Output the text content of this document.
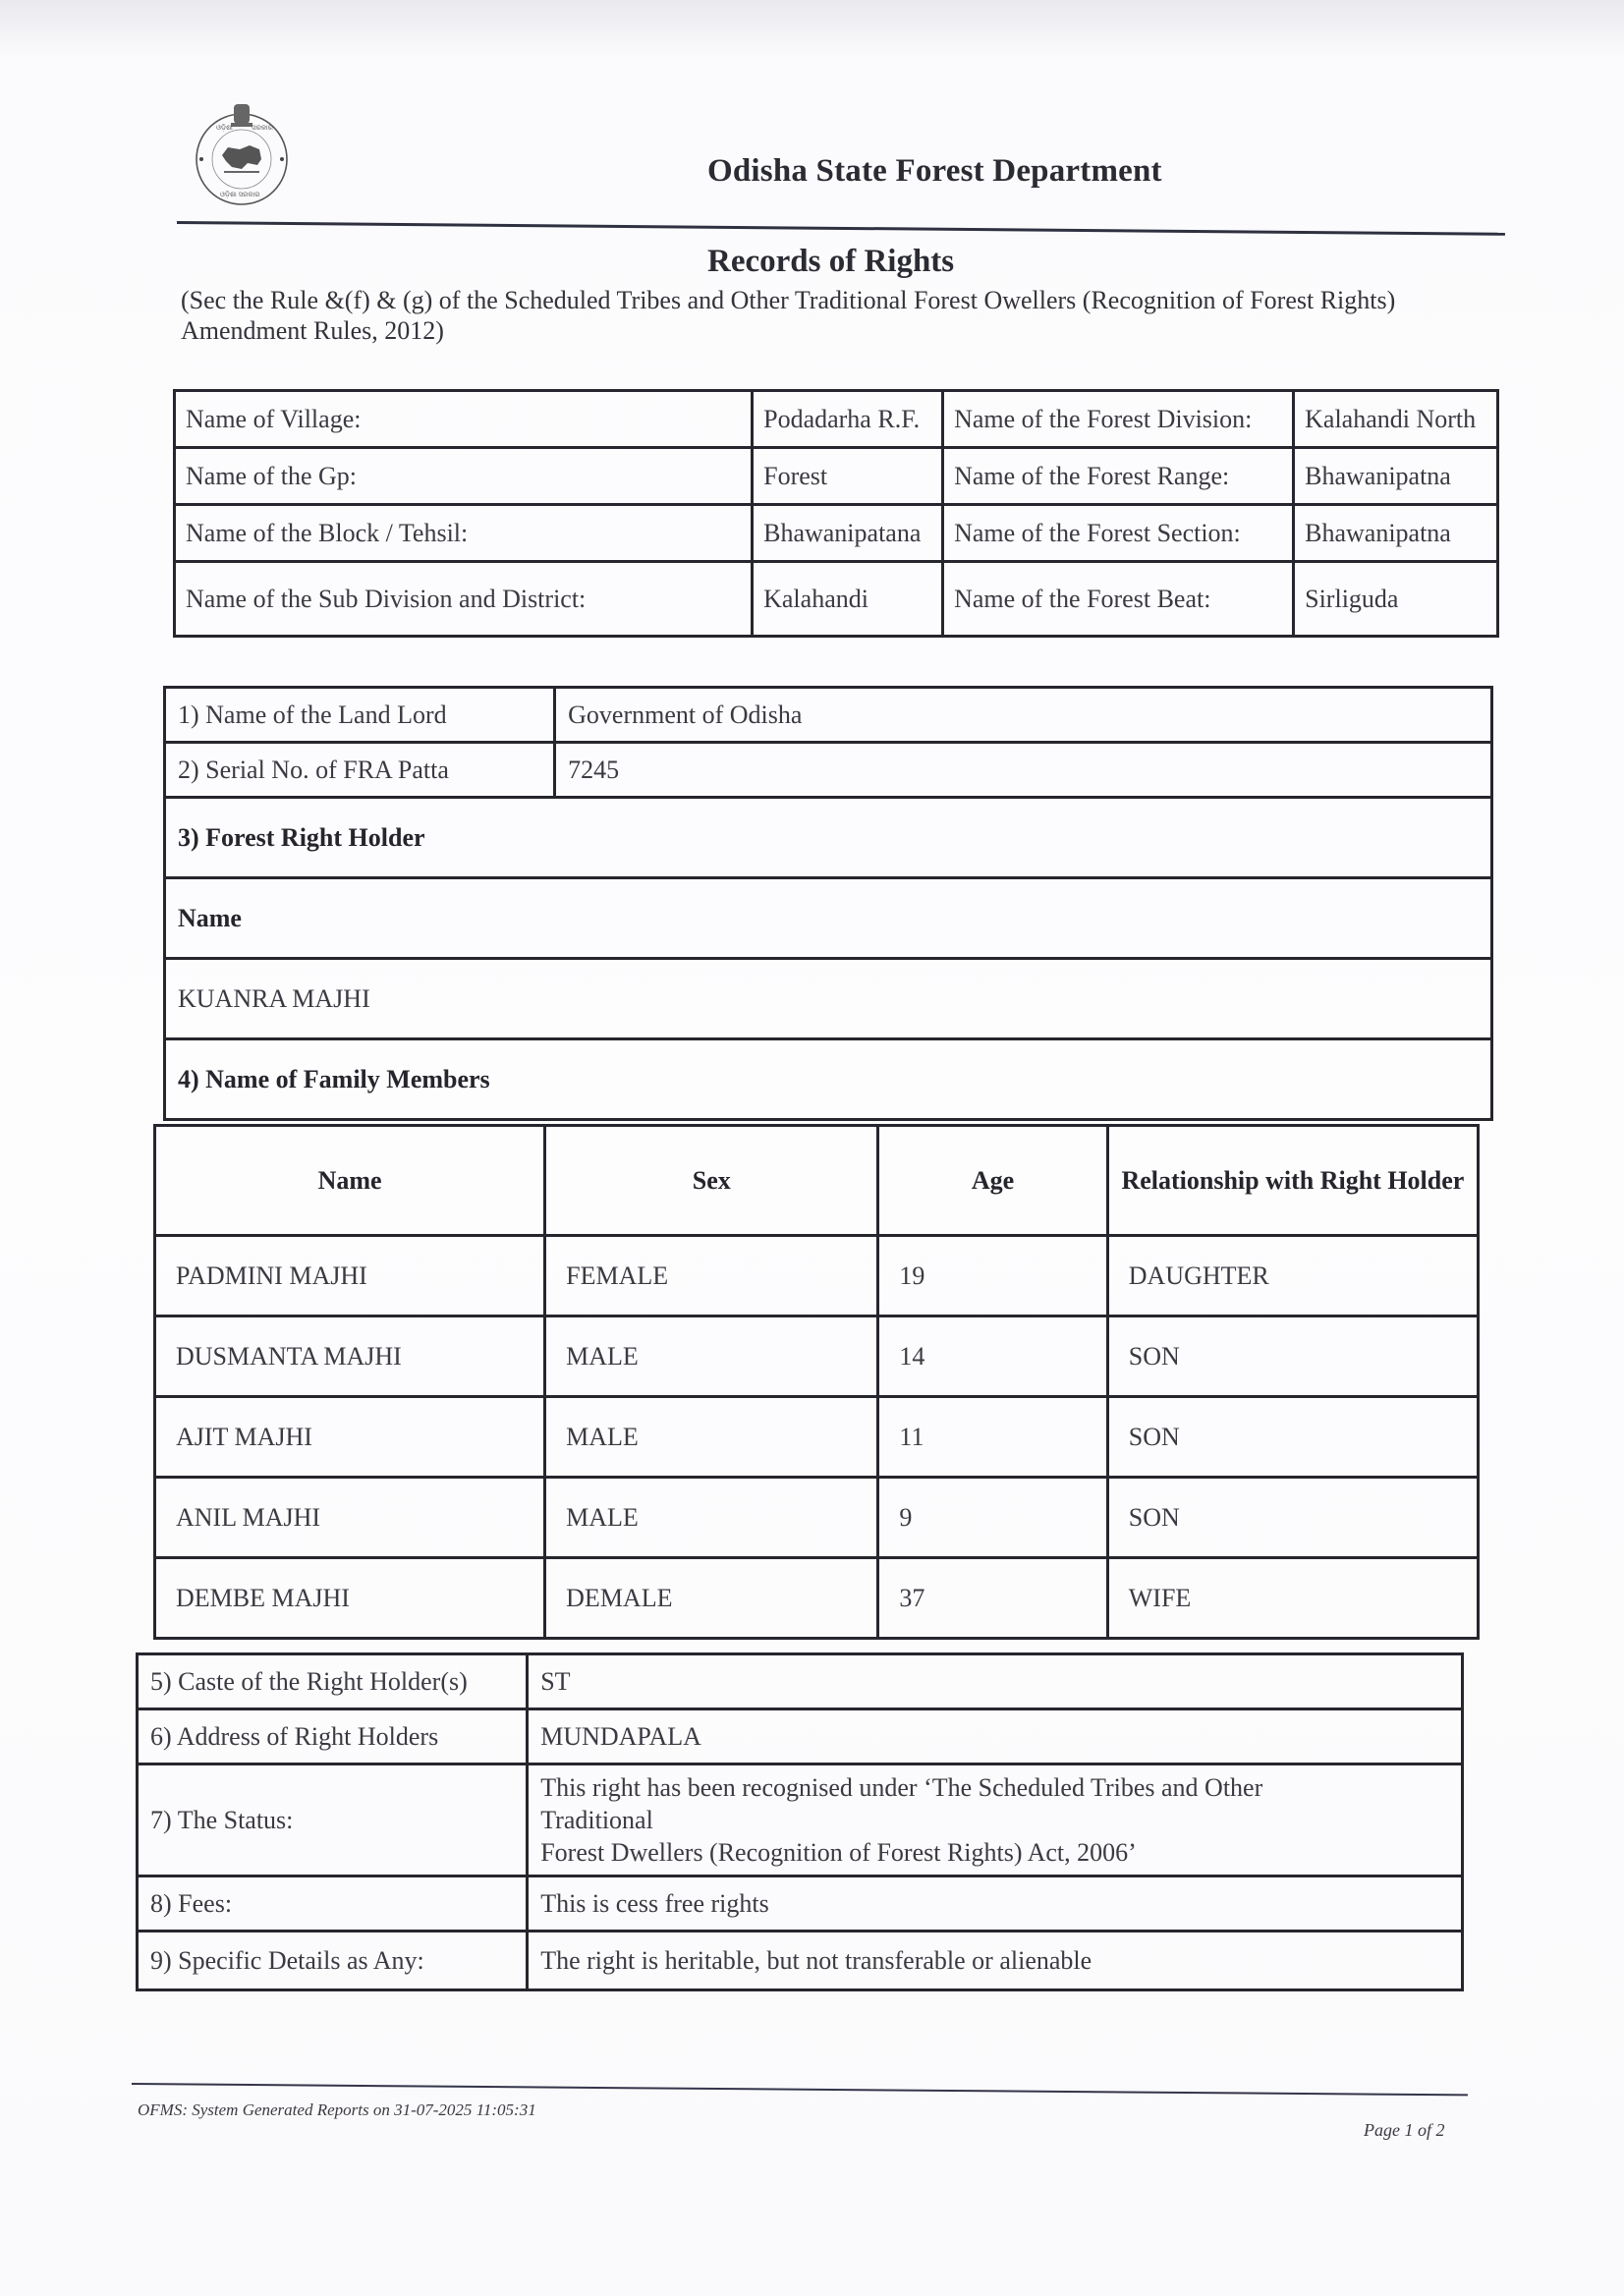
ଓଡ଼ିଶା	ସରକାର
ଓଡ଼ିଶା ସରକାର
Odisha State Forest Department
Records of Rights
(Sec the Rule &(f) & (g) of the Scheduled Tribes and Other Traditional Forest Owellers (Recognition of Forest Rights) Amendment Rules, 2012)
Name of Village:	Podadarha R.F.	Name of the Forest Division:	Kalahandi North
Name of the Gp:	Forest	Name of the Forest Range:	Bhawanipatna
Name of the Block / Tehsil:	Bhawanipatana	Name of the Forest Section:	Bhawanipatna
Name of the Sub Division and District:	Kalahandi	Name of the Forest Beat:	Sirliguda
1) Name of the Land Lord	Government of Odisha
2) Serial No. of FRA Patta	7245
3) Forest Right Holder	
Name	
KUANRA MAJHI	
4) Name of Family Members	
Name	Sex	Age	Relationship with Right Holder
PADMINI MAJHI	FEMALE	19	DAUGHTER
DUSMANTA MAJHI	MALE	14	SON
AJIT MAJHI	MALE	11	SON
ANIL MAJHI	MALE	9	SON
DEMBE MAJHI	DEMALE	37	WIFE
5) Caste of the Right Holder(s)	ST
6) Address of Right Holders	MUNDAPALA
7) The Status:	This right has been recognised under ‘The Scheduled Tribes and Other
Traditional
Forest Dwellers (Recognition of Forest Rights) Act, 2006’

8) Fees:	This is cess free rights
9) Specific Details as Any:	The right is heritable, but not transferable or alienable
OFMS: System Generated Reports on 31-07-2025 11:05:31
Page 1 of 2
